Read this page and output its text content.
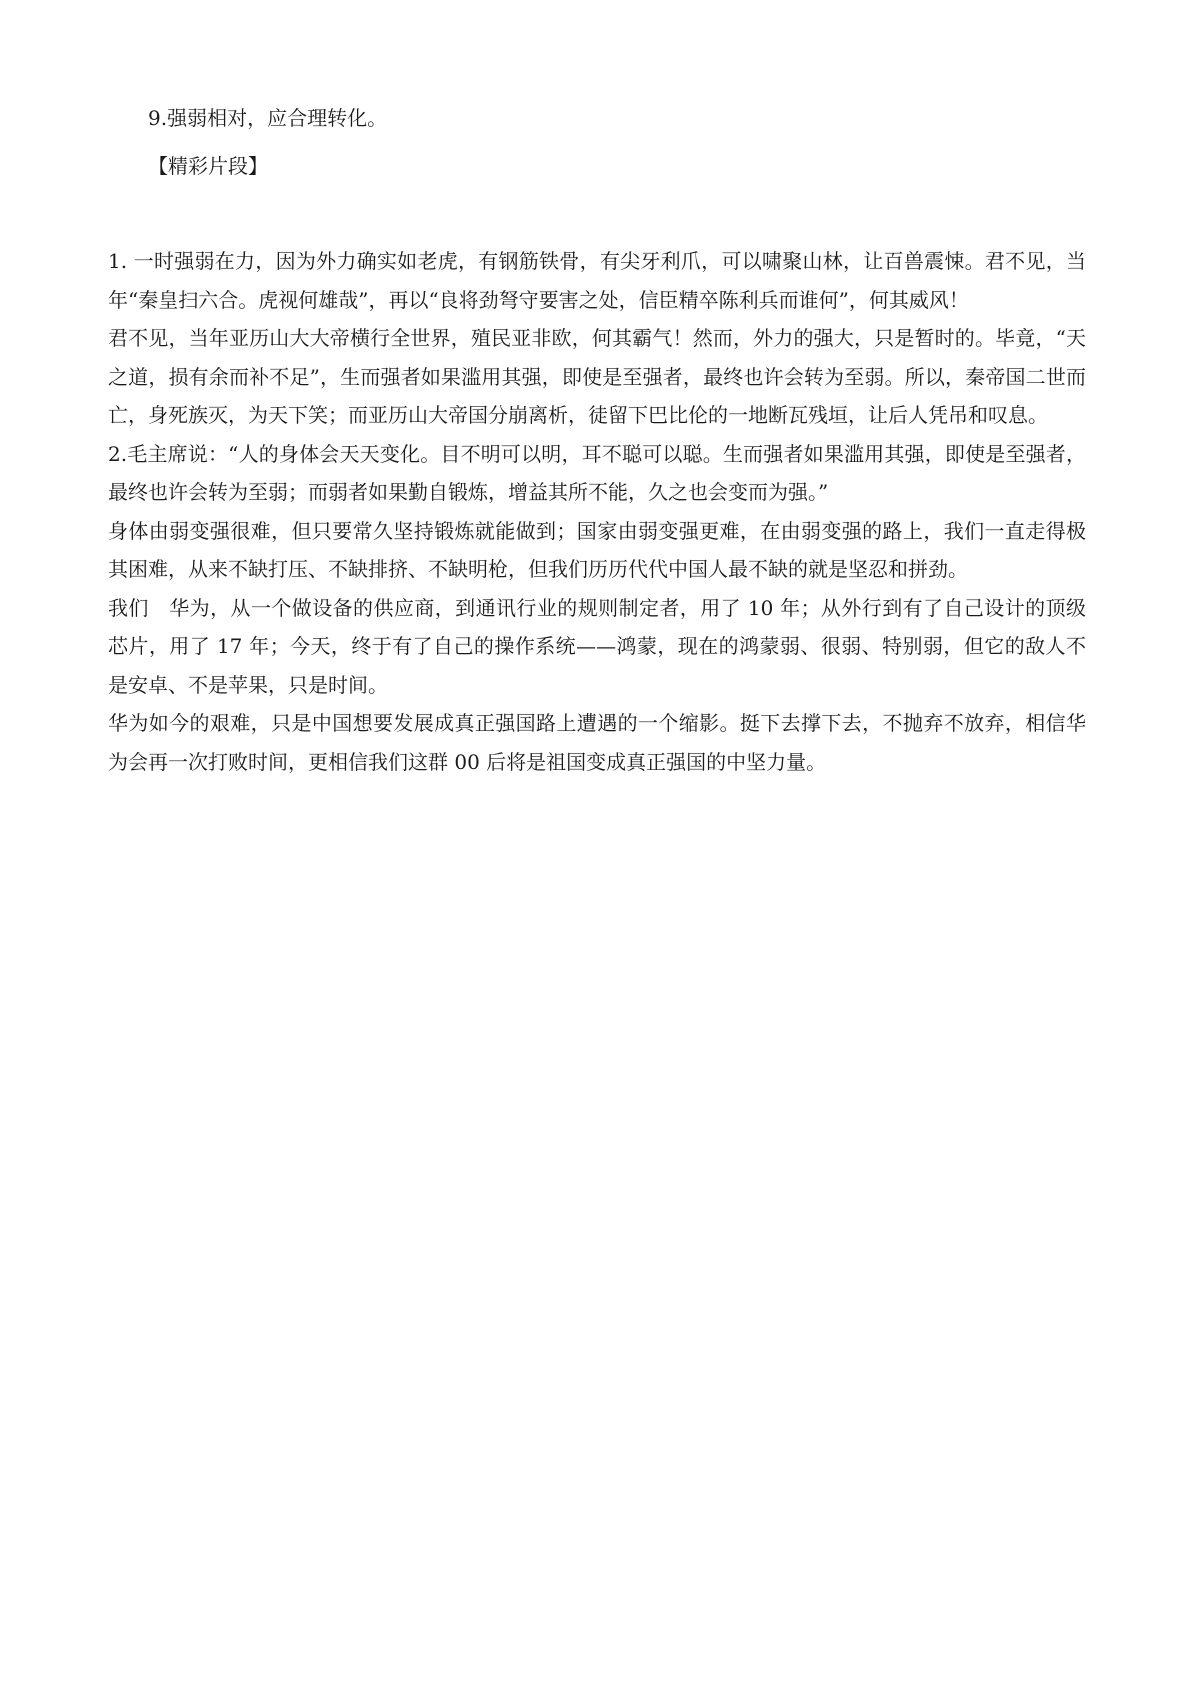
9.强弱相对，应合理转化。
【精彩片段】

1. 一时强弱在力，因为外力确实如老虎，有钢筋铁骨，有尖牙利爪，可以啸聚山林，让百兽震悚。君不见，当年“秦皇扫六合。虎视何雄哉”，再以“良将劲弩守要害之处，信臣精卒陈利兵而谁何”，何其威风！

君不见，当年亚历山大大帝横行全世界，殖民亚非欧，何其霸气！然而，外力的强大，只是暂时的。毕竟，“天之道，损有余而补不足”，生而强者如果滥用其强，即使是至强者，最终也许会转为至弱。所以，秦帝国二世而亡，身死族灭，为天下笑；而亚历山大帝国分崩离析，徒留下巴比伦的一地断瓦残垣，让后人凭吊和叹息。

2.毛主席说：“人的身体会天天变化。目不明可以明，耳不聪可以聪。生而强者如果滥用其强，即使是至强者，最终也许会转为至弱；而弱者如果勤自锻炼，增益其所不能，久之也会变而为强。”

身体由弱变强很难，但只要常久坚持锻炼就能做到；国家由弱变强更难，在由弱变强的路上，我们一直走得极其困难，从来不缺打压、不缺排挤、不缺明枪，但我们历历代代中国人最不缺的就是坚忍和拼劲。

我们　华为，从一个做设备的供应商，到通讯行业的规则制定者，用了 10 年；从外行到有了自己设计的顶级芯片，用了 17 年；今天，终于有了自己的操作系统——鸿蒙，现在的鸿蒙弱、很弱、特别弱，但它的敌人不是安卓、不是苹果，只是时间。

华为如今的艰难，只是中国想要发展成真正强国路上遭遇的一个缩影。挺下去撑下去，不抛弃不放弃，相信华为会再一次打败时间，更相信我们这群 00 后将是祖国变成真正强国的中坚力量。
